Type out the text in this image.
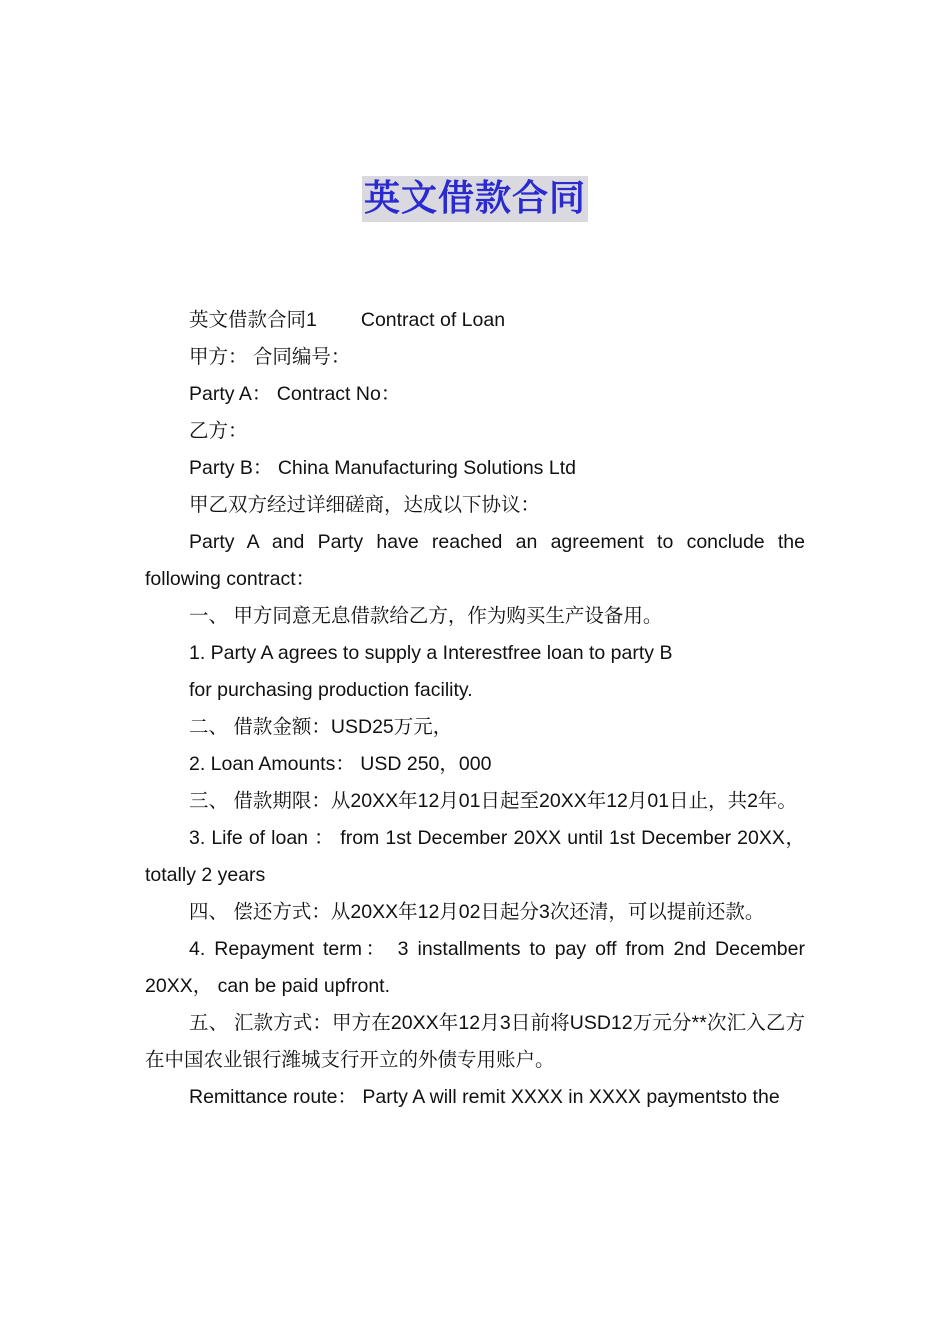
英文借款合同

英文借款合同1 Contract of Loan

甲方： 合同编号：

Party A： Contract No：

乙方：

Party B： China Manufacturing Solutions Ltd

甲乙双方经过详细磋商，达成以下协议：

Party A and Party have reached an agreement to conclude the following contract：

一、 甲方同意无息借款给乙方，作为购买生产设备用。

1. Party A agrees to supply a Interestfree loan to party B

for purchasing production facility.

二、 借款金额：USD25万元，

2. Loan Amounts： USD 250，000

三、 借款期限：从20XX年12月01日起至20XX年12月01日止，共2年。

3. Life of loan ： from 1st December 20XX until 1st December 20XX，totally 2 years

四、 偿还方式：从20XX年12月02日起分3次还清，可以提前还款。

4. Repayment term： 3 installments to pay off from 2nd December 20XX， can be paid upfront.

五、 汇款方式：甲方在20XX年12月3日前将USD12万元分**次汇入乙方在中国农业银行潍城支行开立的外债专用账户。

Remittance route： Party A will remit XXXX in XXXX paymentsto the
